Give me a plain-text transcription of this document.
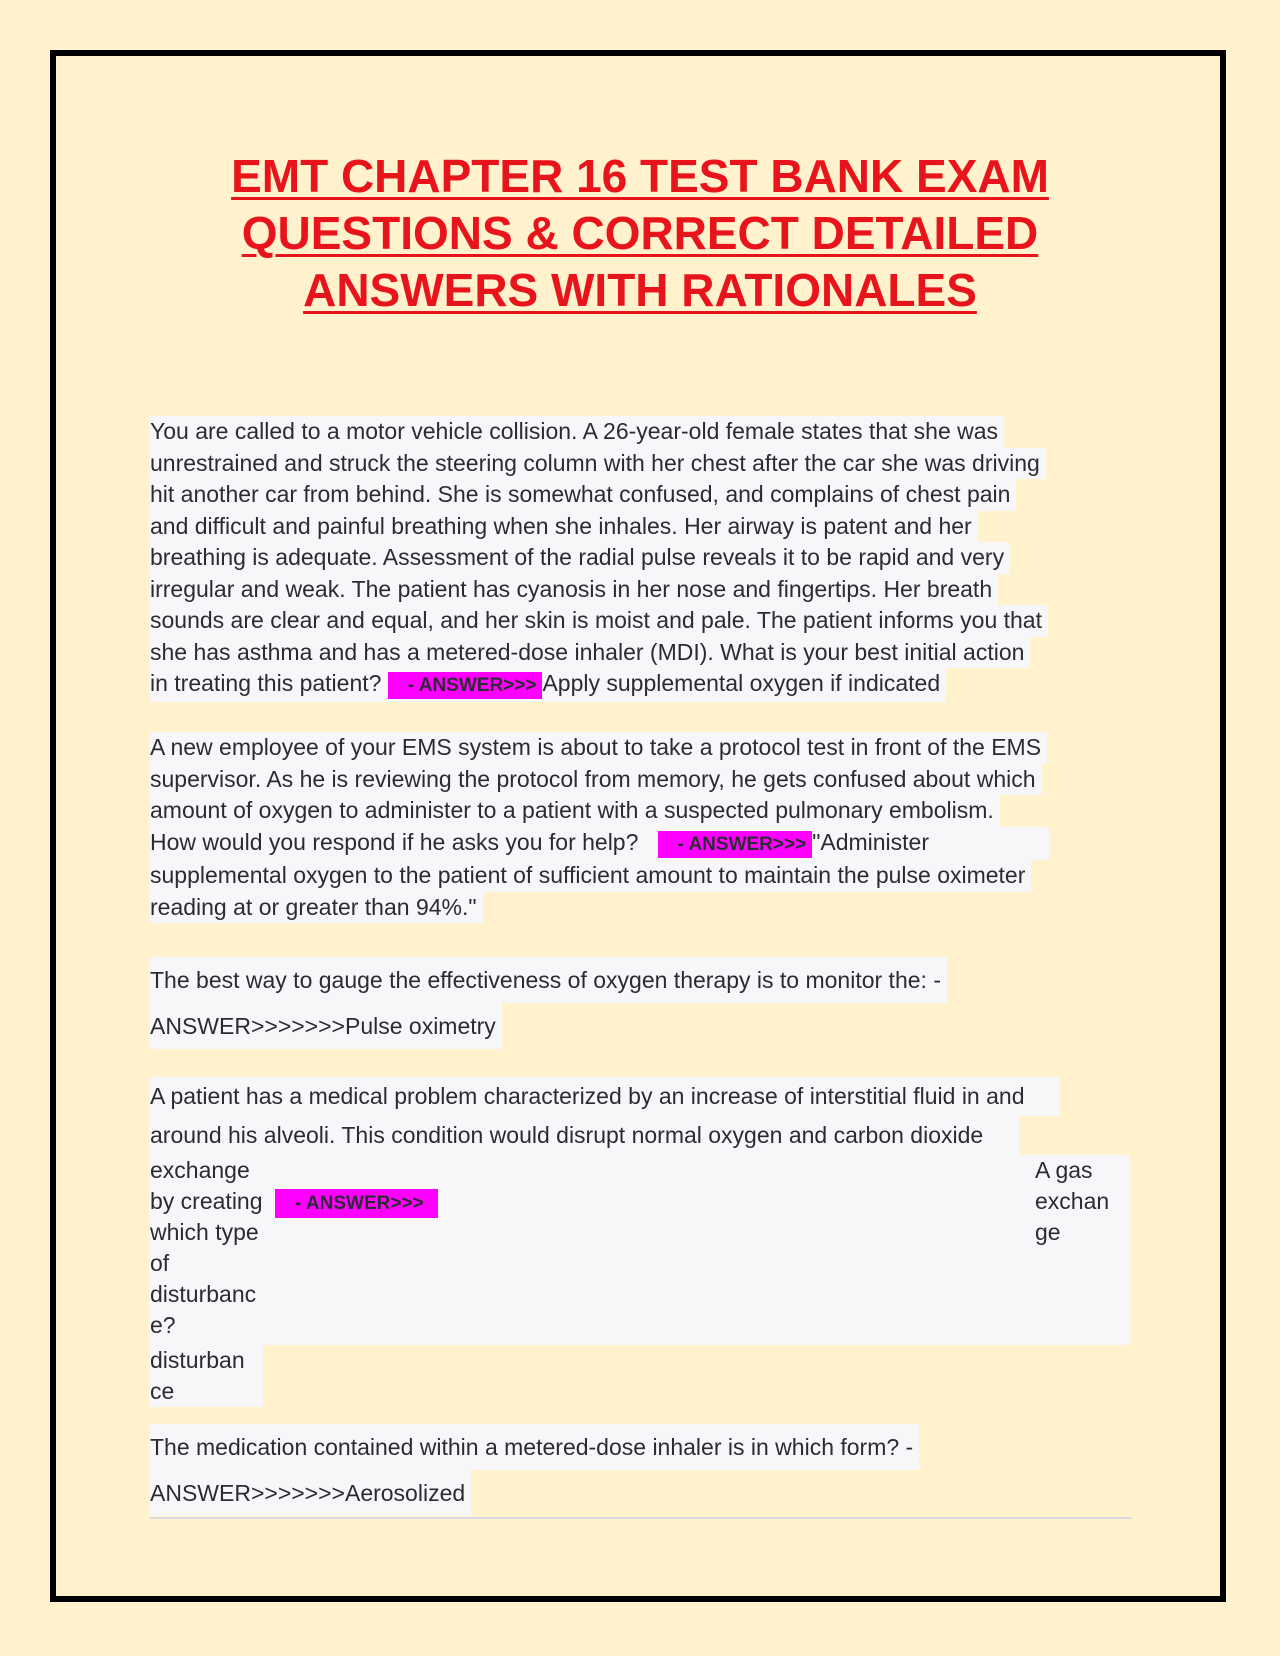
EMT CHAPTER 16 TEST BANK EXAM
QUESTIONS & CORRECT DETAILED
ANSWERS WITH RATIONALES
You are called to a motor vehicle collision. A 26-year-old female states that she was
unrestrained and struck the steering column with her chest after the car she was driving
hit another car from behind. She is somewhat confused, and complains of chest pain
and difficult and painful breathing when she inhales. Her airway is patent and her
breathing is adequate. Assessment of the radial pulse reveals it to be rapid and very
irregular and weak. The patient has cyanosis in her nose and fingertips. Her breath
sounds are clear and equal, and her skin is moist and pale. The patient informs you that
she has asthma and has a metered-dose inhaler (MDI). What is your best initial action
in treating this patient? - ANSWER>>> Apply supplemental oxygen if indicated
A new employee of your EMS system is about to take a protocol test in front of the EMS
supervisor. As he is reviewing the protocol from memory, he gets confused about which
amount of oxygen to administer to a patient with a suspected pulmonary embolism.
How would you respond if he asks you for help? - ANSWER>>> "Administer
supplemental oxygen to the patient of sufficient amount to maintain the pulse oximeter
reading at or greater than 94%."
The best way to gauge the effectiveness of oxygen therapy is to monitor the: -
ANSWER>>>>>>>Pulse oximetry
A patient has a medical problem characterized by an increase of interstitial fluid in and
around his alveoli. This condition would disrupt normal oxygen and carbon dioxide
exchange
by creating
which type
of
disturbanc
e?
- ANSWER>>>
A gas
exchan
ge
disturban
ce
The medication contained within a metered-dose inhaler is in which form? -
ANSWER>>>>>>>Aerosolized
